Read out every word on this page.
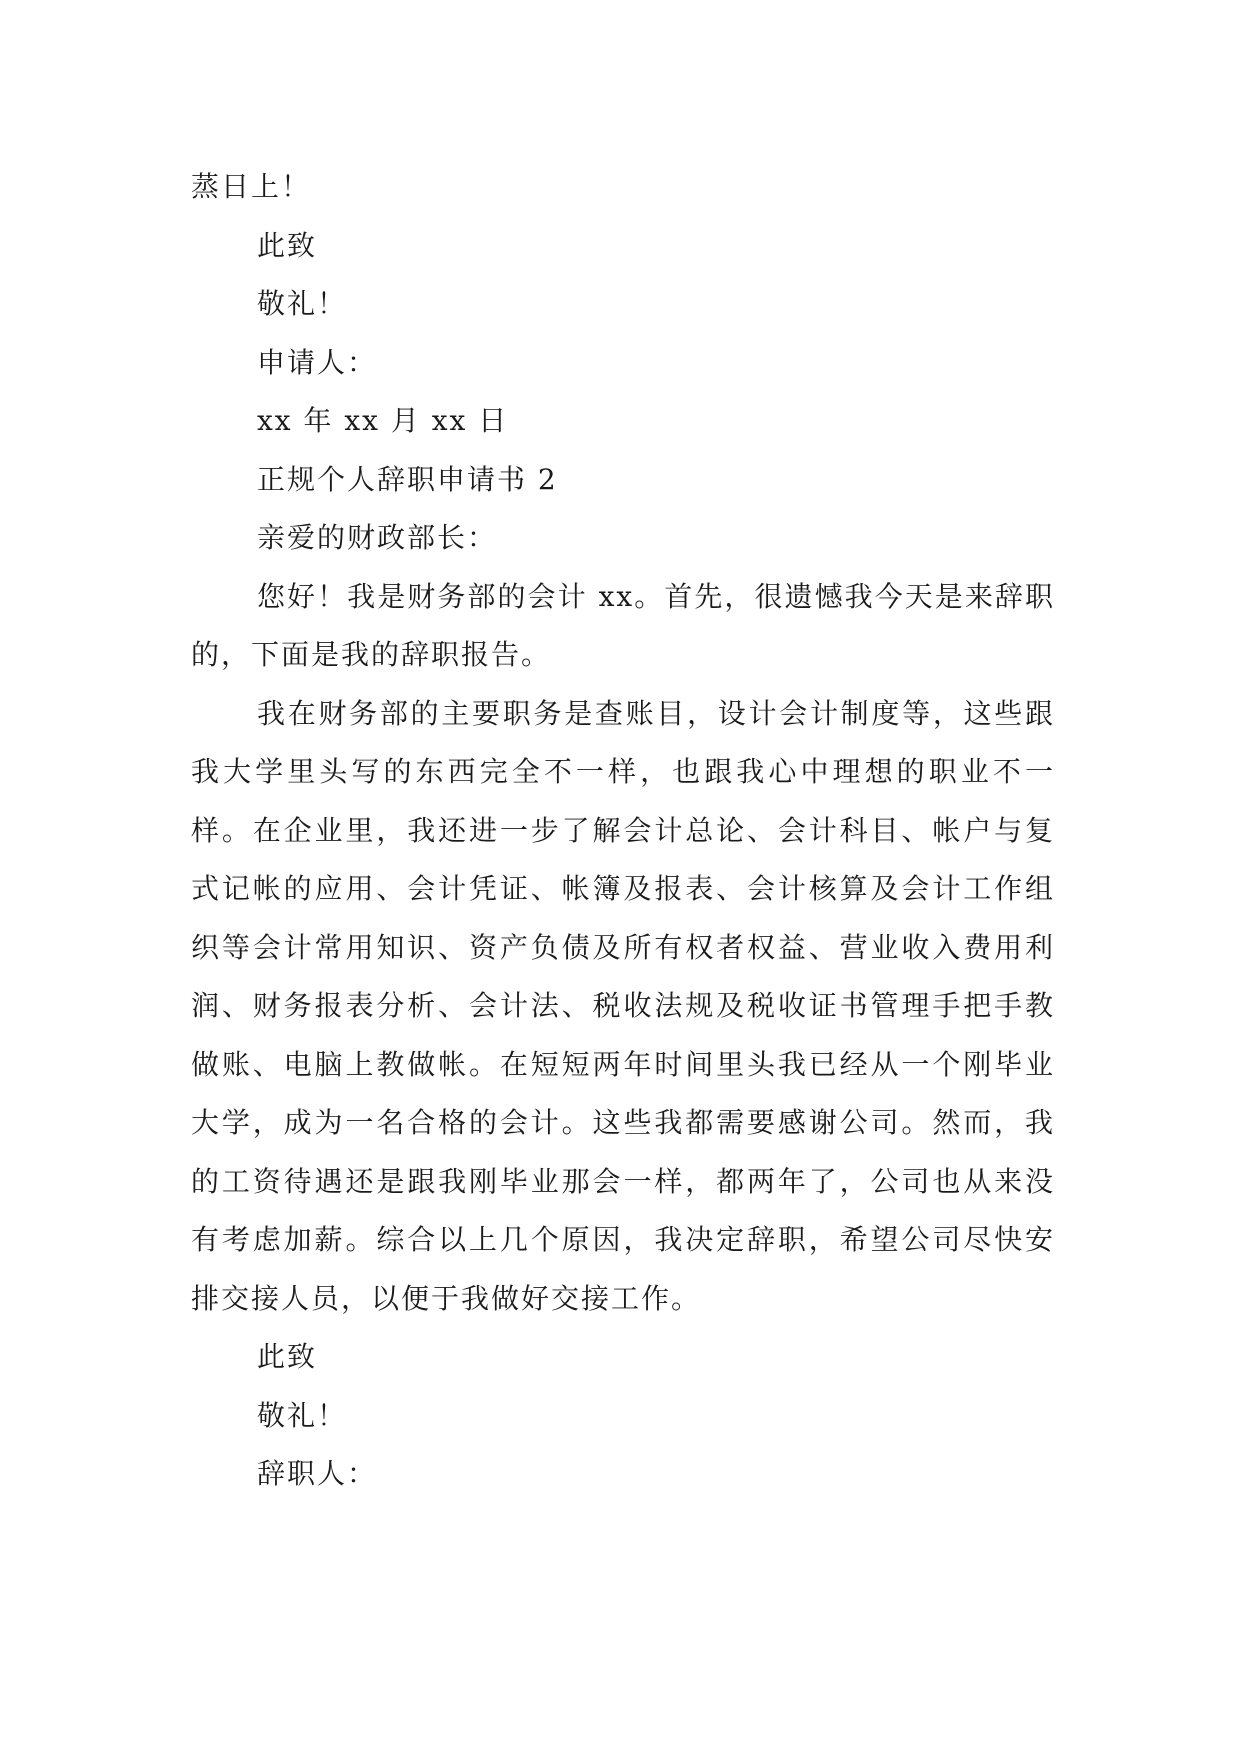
蒸日上！
此致
敬礼！
申请人：
xx 年 xx 月 xx 日
正规个人辞职申请书 2
亲爱的财政部长：

您好！我是财务部的会计 xx。首先，很遗憾我今天是来辞职的，下面是我的辞职报告。

我在财务部的主要职务是查账目，设计会计制度等，这些跟我大学里头写的东西完全不一样，也跟我心中理想的职业不一样。在企业里，我还进一步了解会计总论、会计科目、帐户与复式记帐的应用、会计凭证、帐簿及报表、会计核算及会计工作组织等会计常用知识、资产负债及所有权者权益、营业收入费用利润、财务报表分析、会计法、税收法规及税收证书管理手把手教做账、电脑上教做帐。在短短两年时间里头我已经从一个刚毕业大学，成为一名合格的会计。这些我都需要感谢公司。然而，我的工资待遇还是跟我刚毕业那会一样，都两年了，公司也从来没有考虑加薪。综合以上几个原因，我决定辞职，希望公司尽快安排交接人员，以便于我做好交接工作。

此致
敬礼！
辞职人：
